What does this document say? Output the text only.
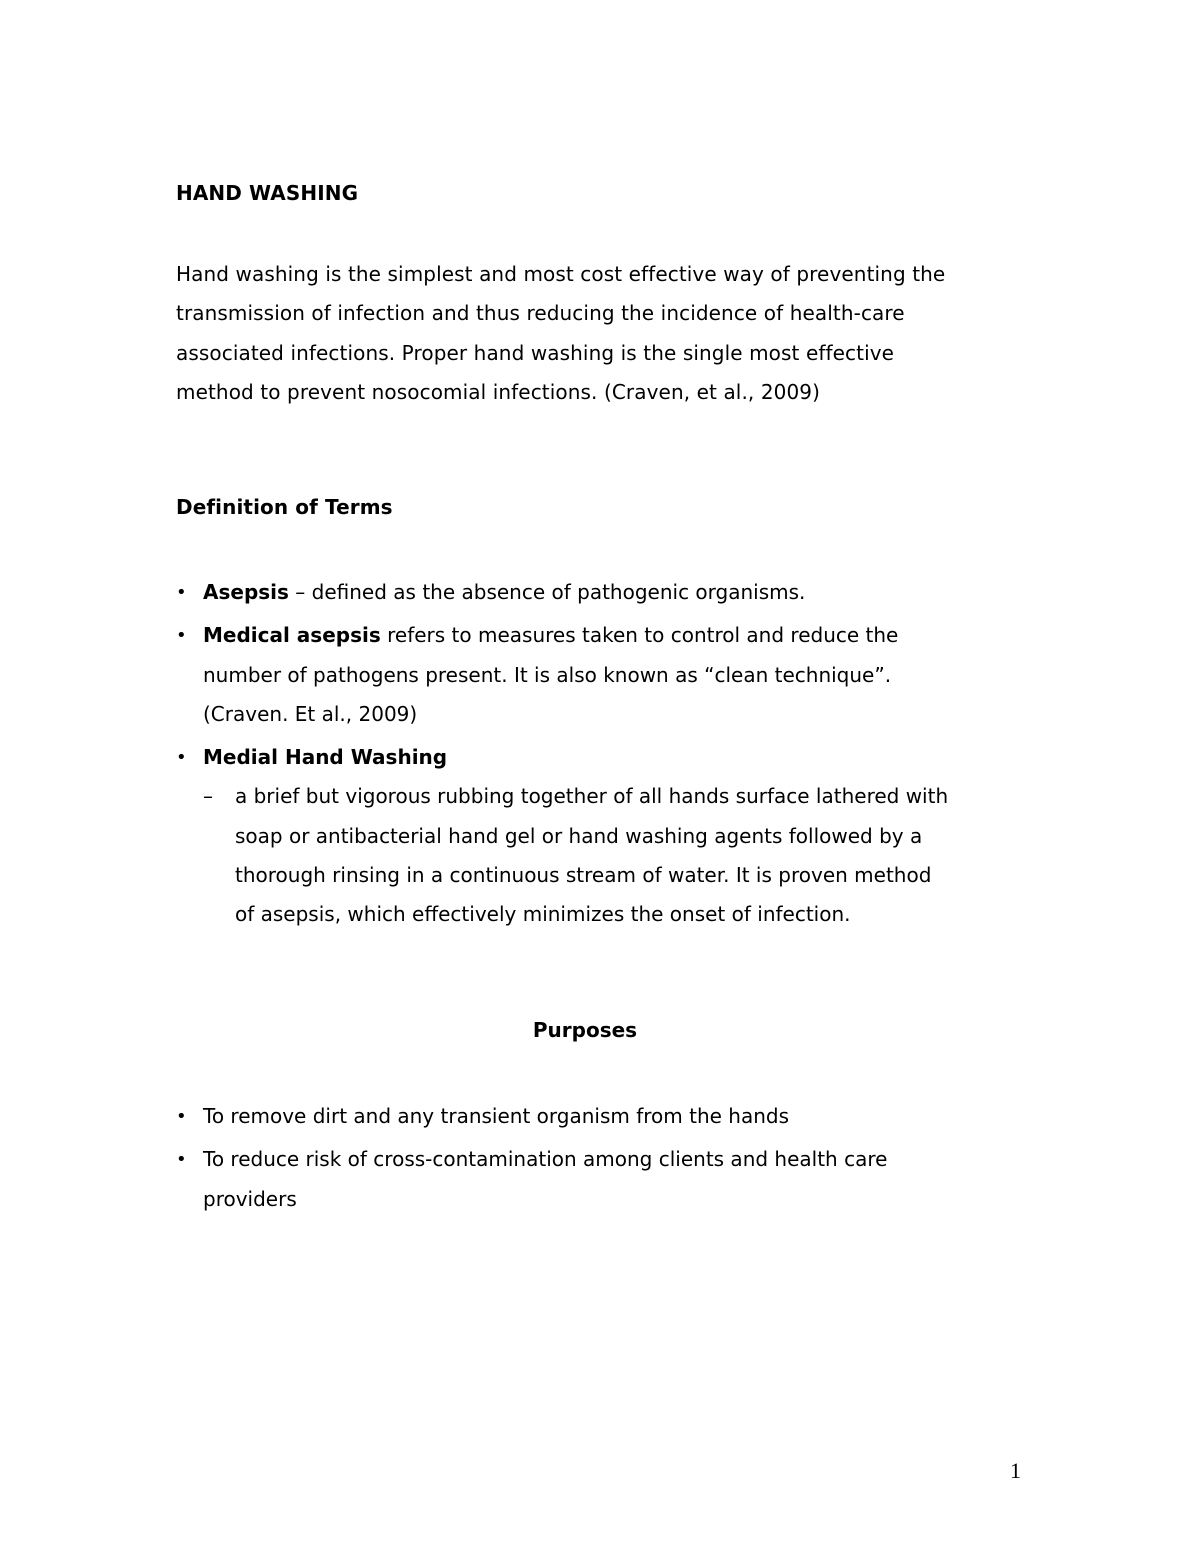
HAND WASHING
Hand washing is the simplest and most cost effective way of preventing the
transmission of infection and thus reducing the incidence of health-care
associated infections. Proper hand washing is the single most effective
method to prevent nosocomial infections. (Craven, et al., 2009)
Definition of Terms
• Asepsis – defined as the absence of pathogenic organisms.
• Medical asepsis refers to measures taken to control and reduce the
number of pathogens present. It is also known as “clean technique”.
(Craven. Et al., 2009)
• Medial Hand Washing
– a brief but vigorous rubbing together of all hands surface lathered with
soap or antibacterial hand gel or hand washing agents followed by a
thorough rinsing in a continuous stream of water. It is proven method
of asepsis, which effectively minimizes the onset of infection.
Purposes
• To remove dirt and any transient organism from the hands
• To reduce risk of cross-contamination among clients and health care
providers
1
